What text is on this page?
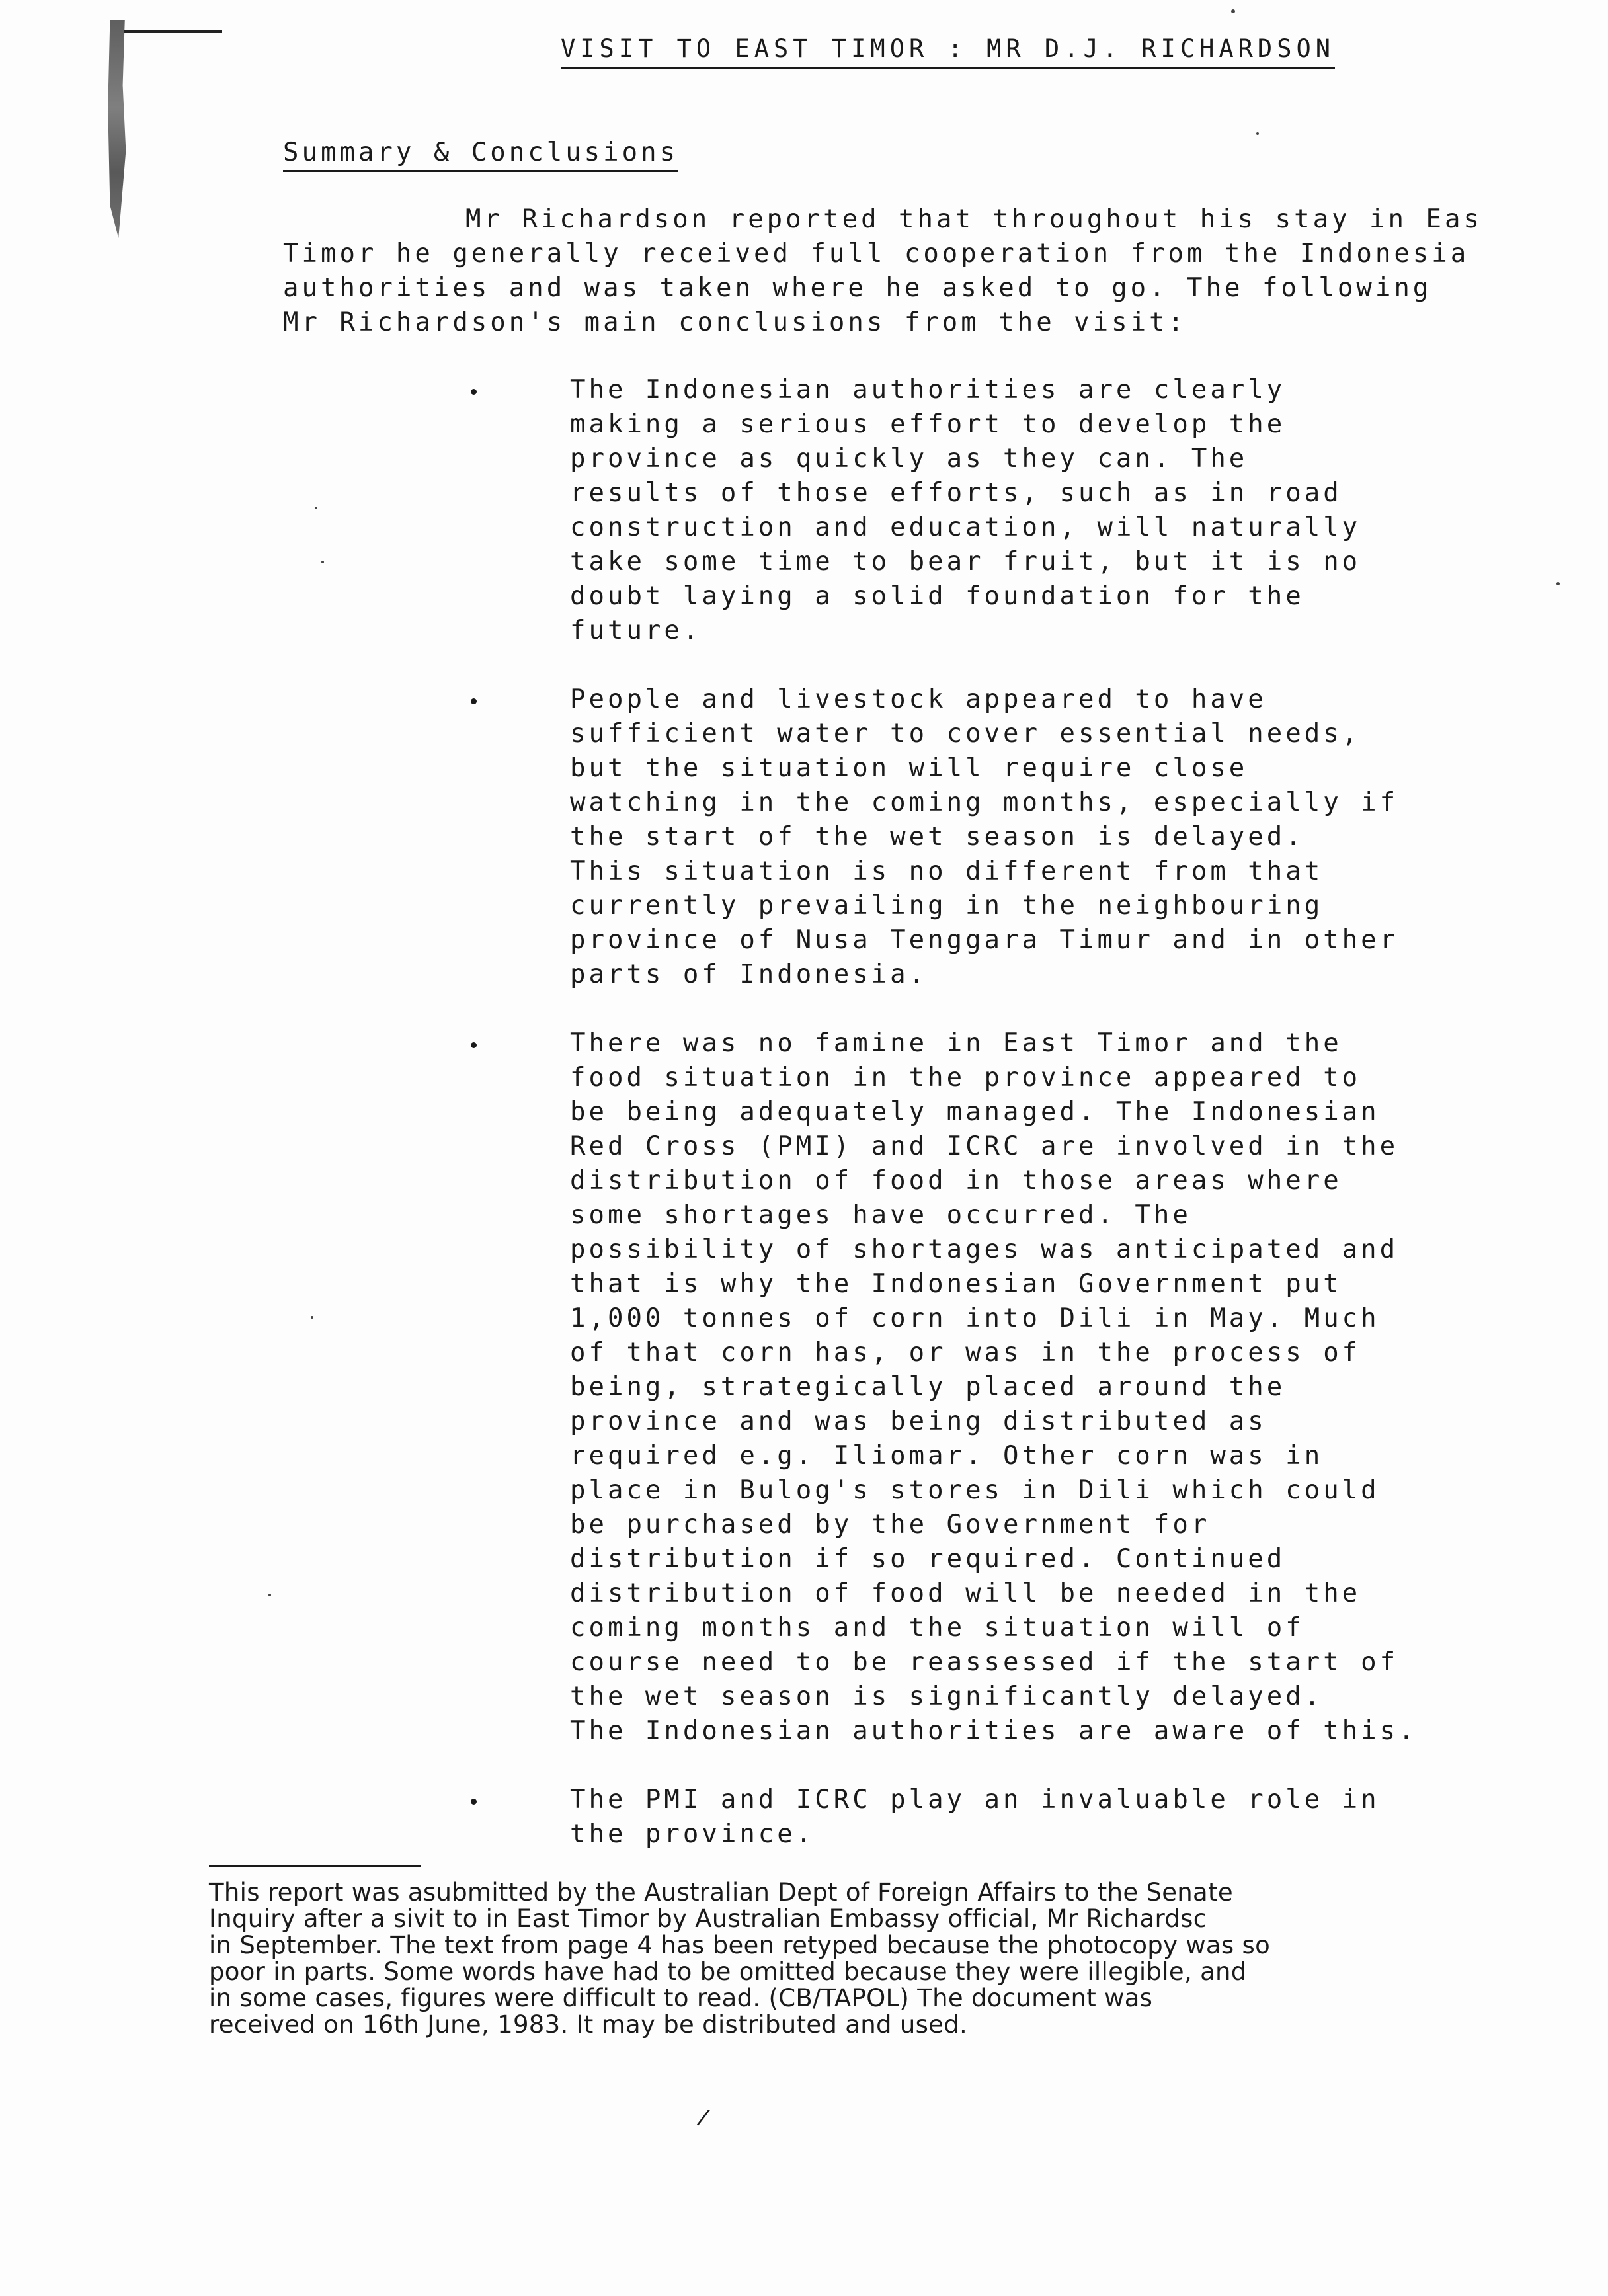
VISIT TO EAST TIMOR : MR D.J. RICHARDSON
Summary & Conclusions
Mr Richardson reported that throughout his stay in Eas
Timor he generally received full cooperation from the Indonesia
authorities and was taken where he asked to go. The following
Mr Richardson's main conclusions from the visit:
The Indonesian authorities are clearly
making a serious effort to develop the
province as quickly as they can. The
results of those efforts, such as in road
construction and education, will naturally
take some time to bear fruit, but it is no
doubt laying a solid foundation for the
future.
People and livestock appeared to have
sufficient water to cover essential needs,
but the situation will require close
watching in the coming months, especially if
the start of the wet season is delayed.
This situation is no different from that
currently prevailing in the neighbouring
province of Nusa Tenggara Timur and in other
parts of Indonesia.
There was no famine in East Timor and the
food situation in the province appeared to
be being adequately managed. The Indonesian
Red Cross (PMI) and ICRC are involved in the
distribution of food in those areas where
some shortages have occurred. The
possibility of shortages was anticipated and
that is why the Indonesian Government put
1,000 tonnes of corn into Dili in May. Much
of that corn has, or was in the process of
being, strategically placed around the
province and was being distributed as
required e.g. Iliomar. Other corn was in
place in Bulog's stores in Dili which could
be purchased by the Government for
distribution if so required. Continued
distribution of food will be needed in the
coming months and the situation will of
course need to be reassessed if the start of
the wet season is significantly delayed.
The Indonesian authorities are aware of this.
The PMI and ICRC play an invaluable role in
the province.
This report was asubmitted by the Australian Dept of Foreign Affairs to the Senate
Inquiry after a sivit to in East Timor by Australian Embassy official, Mr Richardsc
in September. The text from page 4 has been retyped because the photocopy was so
poor in parts. Some words have had to be omitted because they were illegible, and
in some cases, figures were difficult to read. (CB/TAPOL) The document was
received on 16th June, 1983. It may be distributed and used.
/
